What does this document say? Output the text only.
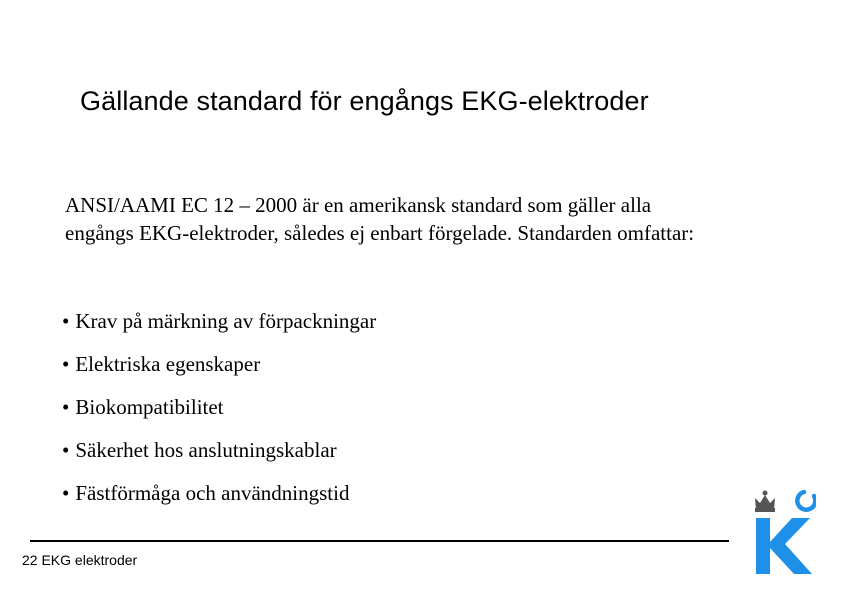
Gällande standard för engångs EKG-elektroder
ANSI/AAMI EC 12 – 2000 är en amerikansk standard som gäller alla
engångs EKG-elektroder, således ej enbart förgelade. Standarden omfattar:
• Krav på märkning av förpackningar
• Elektriska egenskaper
• Biokompatibilitet
• Säkerhet hos anslutningskablar
• Fästförmåga och användningstid
22 EKG elektroder
